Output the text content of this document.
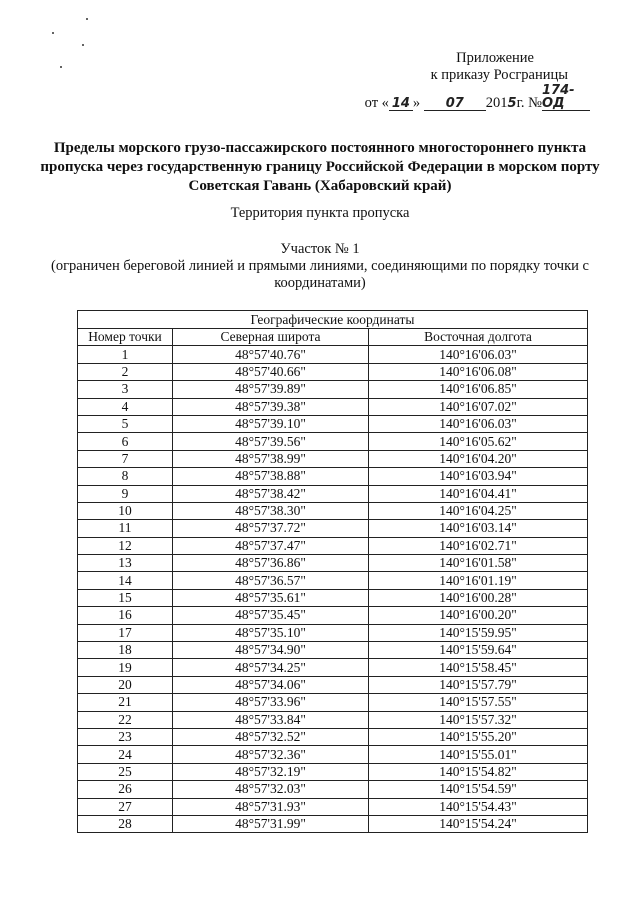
Приложение
к приказу Росграницы
от « 14 » 07 2015г. №174-ОД
Пределы морского грузо-пассажирского постоянного многостороннего пункта пропуска через государственную границу Российской Федерации в морском порту Советская Гавань (Хабаровский край)
Территория пункта пропуска
Участок № 1
(ограничен береговой линией и прямыми линиями, соединяющими по порядку точки с координатами)
Географические координаты		
Номер точки	Северная широта	Восточная долгота
1	48°57'40.76"	140°16'06.03"
2	48°57'40.66"	140°16'06.08"
3	48°57'39.89"	140°16'06.85"
4	48°57'39.38"	140°16'07.02"
5	48°57'39.10"	140°16'06.03"
6	48°57'39.56"	140°16'05.62"
7	48°57'38.99"	140°16'04.20"
8	48°57'38.88"	140°16'03.94"
9	48°57'38.42"	140°16'04.41"
10	48°57'38.30"	140°16'04.25"
11	48°57'37.72"	140°16'03.14"
12	48°57'37.47"	140°16'02.71"
13	48°57'36.86"	140°16'01.58"
14	48°57'36.57"	140°16'01.19"
15	48°57'35.61"	140°16'00.28"
16	48°57'35.45"	140°16'00.20"
17	48°57'35.10"	140°15'59.95"
18	48°57'34.90"	140°15'59.64"
19	48°57'34.25"	140°15'58.45"
20	48°57'34.06"	140°15'57.79"
21	48°57'33.96"	140°15'57.55"
22	48°57'33.84"	140°15'57.32"
23	48°57'32.52"	140°15'55.20"
24	48°57'32.36"	140°15'55.01"
25	48°57'32.19"	140°15'54.82"
26	48°57'32.03"	140°15'54.59"
27	48°57'31.93"	140°15'54.43"
28	48°57'31.99"	140°15'54.24"
